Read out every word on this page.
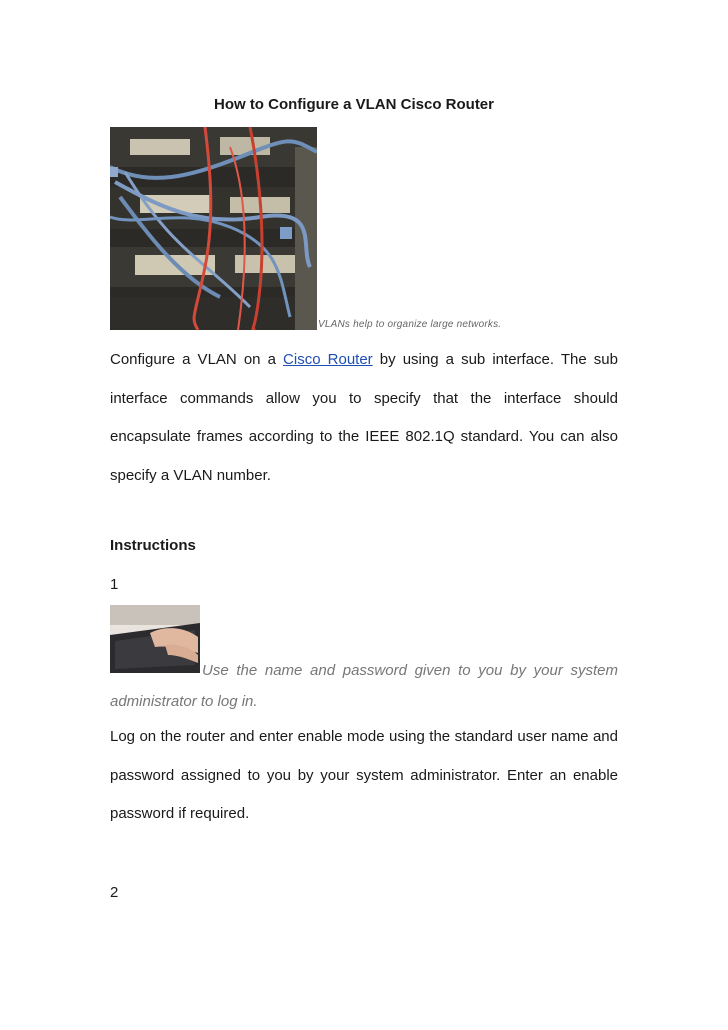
How to Configure a VLAN Cisco Router
VLANs help to organize large networks.
Configure a VLAN on a Cisco Router by using a sub interface. The sub interface commands allow you to specify that the interface should encapsulate frames according to the IEEE 802.1Q standard. You can also specify a VLAN number.
Instructions
1
Use the name and password given to you by your system administrator to log in.
Log on the router and enter enable mode using the standard user name and password assigned to you by your system administrator. Enter an enable password if required.
2
